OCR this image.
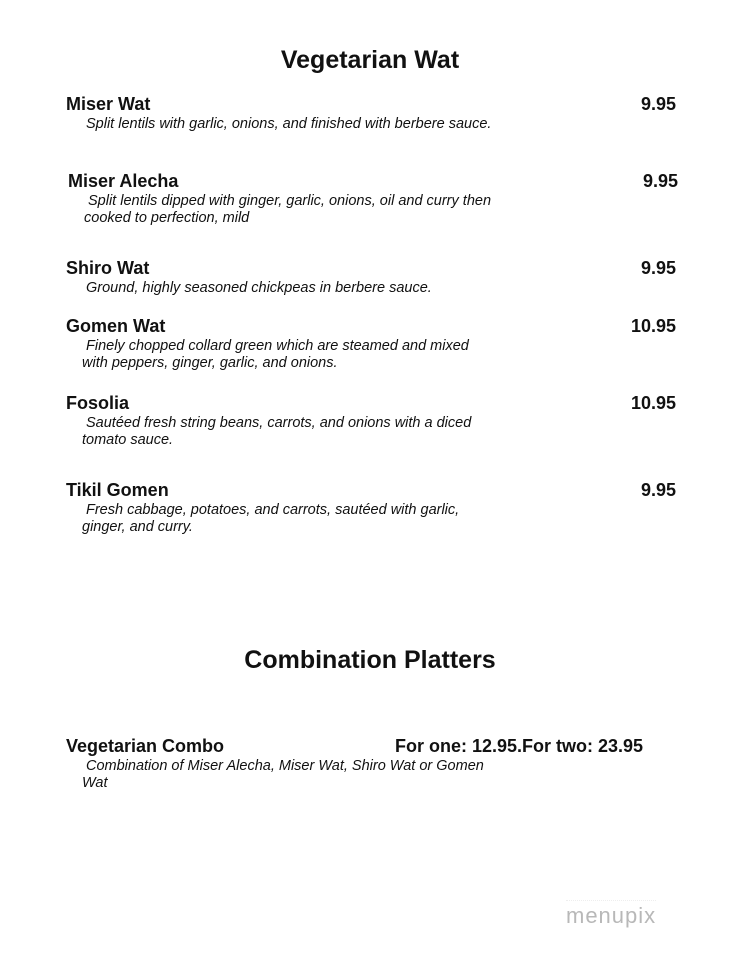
Vegetarian Wat
Miser Wat	9.95
Split lentils with garlic, onions, and finished with berbere sauce.
Miser Alecha	9.95
Split lentils dipped with ginger, garlic, onions, oil and curry then
cooked to perfection, mild
Shiro Wat	9.95
Ground, highly seasoned chickpeas in berbere sauce.
Gomen Wat	10.95
Finely chopped collard green which are steamed and mixed
with peppers, ginger, garlic, and onions.
Fosolia	10.95
Sautéed fresh string beans, carrots, and onions with a diced
tomato sauce.
Tikil Gomen	9.95
Fresh cabbage, potatoes, and carrots, sautéed with garlic,
ginger, and curry.
Combination Platters
Vegetarian Combo	For one: 12.95.For two: 23.95
Combination of Miser Alecha, Miser Wat, Shiro Wat or Gomen
Wat
menupix
